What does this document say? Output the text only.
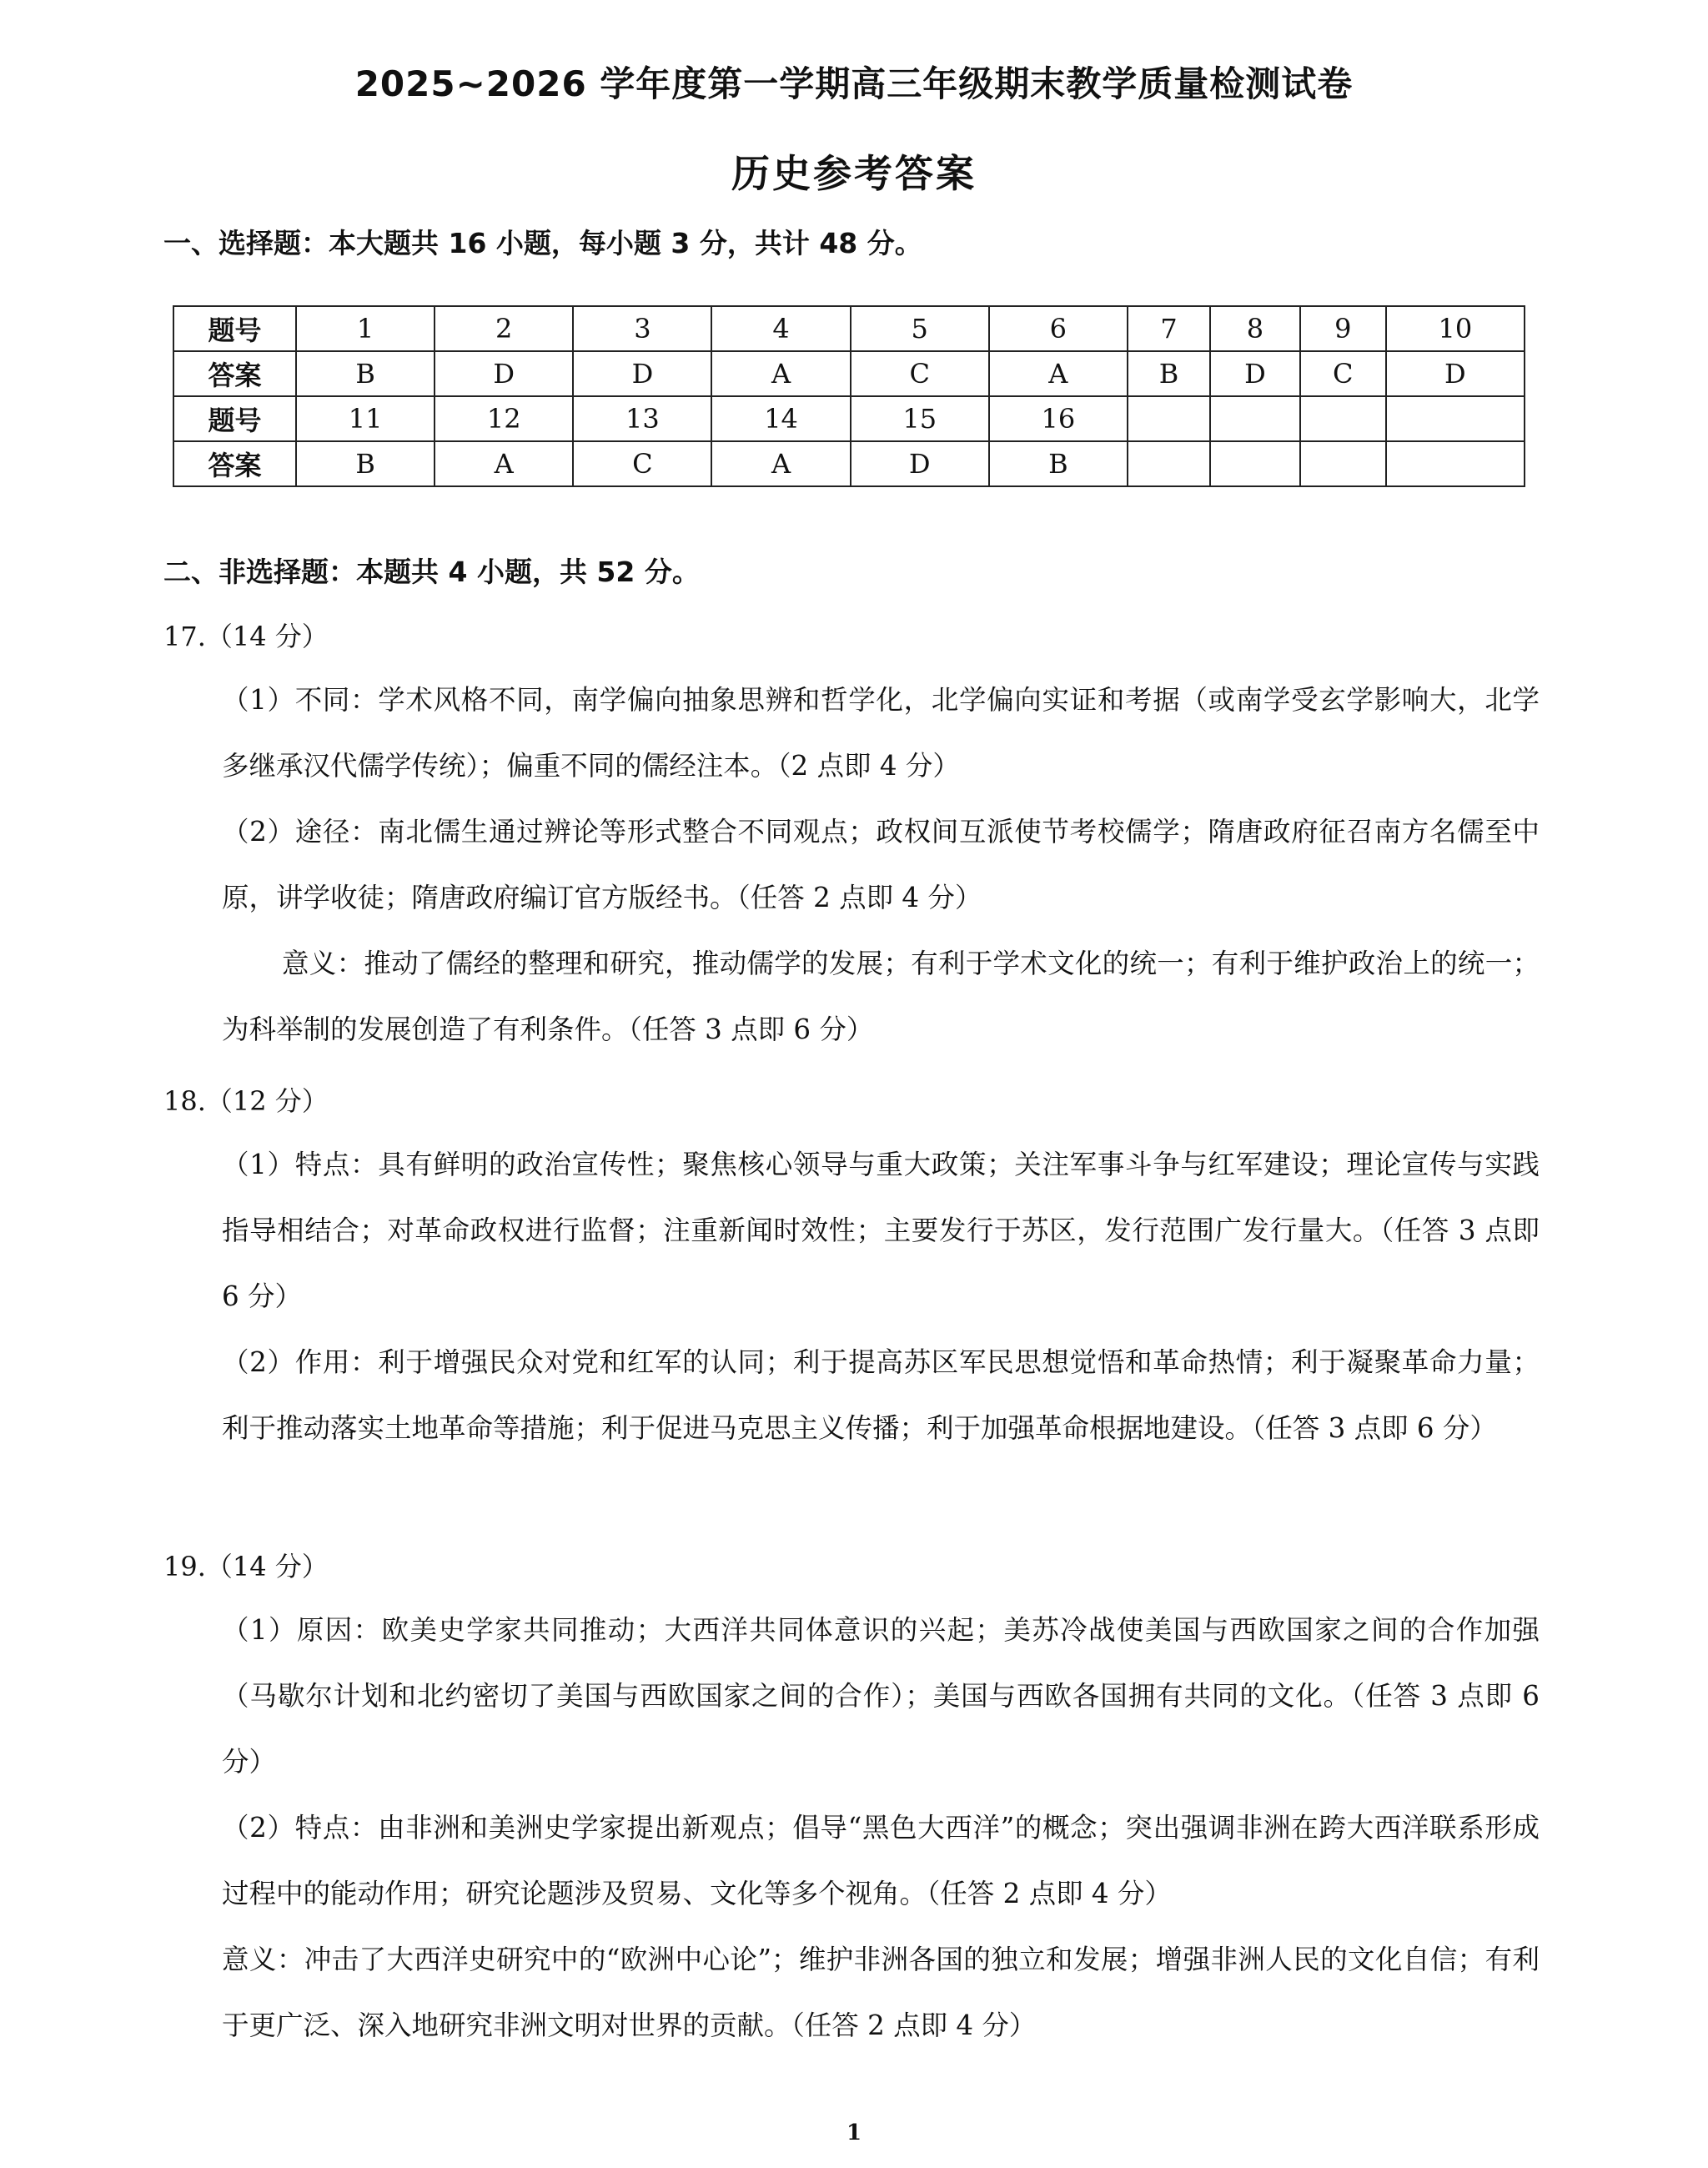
2025~2026 学年度第一学期高三年级期末教学质量检测试卷
历史参考答案
一、选择题：本大题共 16 小题，每小题 3 分，共计 48 分。
题号	1	2	3	4	5	6	7	8	9	10
答案	B	D	D	A	C	A	B	D	C	D
题号	11	12	13	14	15	16				
答案	B	A	C	A	D	B				
二、非选择题：本题共 4 小题，共 52 分。
17.（14 分）
（1）不同：学术风格不同，南学偏向抽象思辨和哲学化，北学偏向实证和考据（或南学受玄学影响大，北学多继承汉代儒学传统）；偏重不同的儒经注本。（2 点即 4 分）
（2）途径：南北儒生通过辨论等形式整合不同观点；政权间互派使节考校儒学；隋唐政府征召南方名儒至中原，讲学收徒；隋唐政府编订官方版经书。（任答 2 点即 4 分）
意义：推动了儒经的整理和研究，推动儒学的发展；有利于学术文化的统一；有利于维护政治上的统一；为科举制的发展创造了有利条件。（任答 3 点即 6 分）
18.（12 分）
（1）特点：具有鲜明的政治宣传性；聚焦核心领导与重大政策；关注军事斗争与红军建设；理论宣传与实践指导相结合；对革命政权进行监督；注重新闻时效性；主要发行于苏区，发行范围广发行量大。（任答 3 点即 6 分）
（2）作用：利于增强民众对党和红军的认同；利于提高苏区军民思想觉悟和革命热情；利于凝聚革命力量；利于推动落实土地革命等措施；利于促进马克思主义传播；利于加强革命根据地建设。（任答 3 点即 6 分）
19.（14 分）
（1）原因：欧美史学家共同推动；大西洋共同体意识的兴起；美苏冷战使美国与西欧国家之间的合作加强（马歇尔计划和北约密切了美国与西欧国家之间的合作）；美国与西欧各国拥有共同的文化。（任答 3 点即 6 分）
（2）特点：由非洲和美洲史学家提出新观点；倡导“黑色大西洋”的概念；突出强调非洲在跨大西洋联系形成过程中的能动作用；研究论题涉及贸易、文化等多个视角。（任答 2 点即 4 分）
意义：冲击了大西洋史研究中的“欧洲中心论”；维护非洲各国的独立和发展；增强非洲人民的文化自信；有利于更广泛、深入地研究非洲文明对世界的贡献。（任答 2 点即 4 分）
1
